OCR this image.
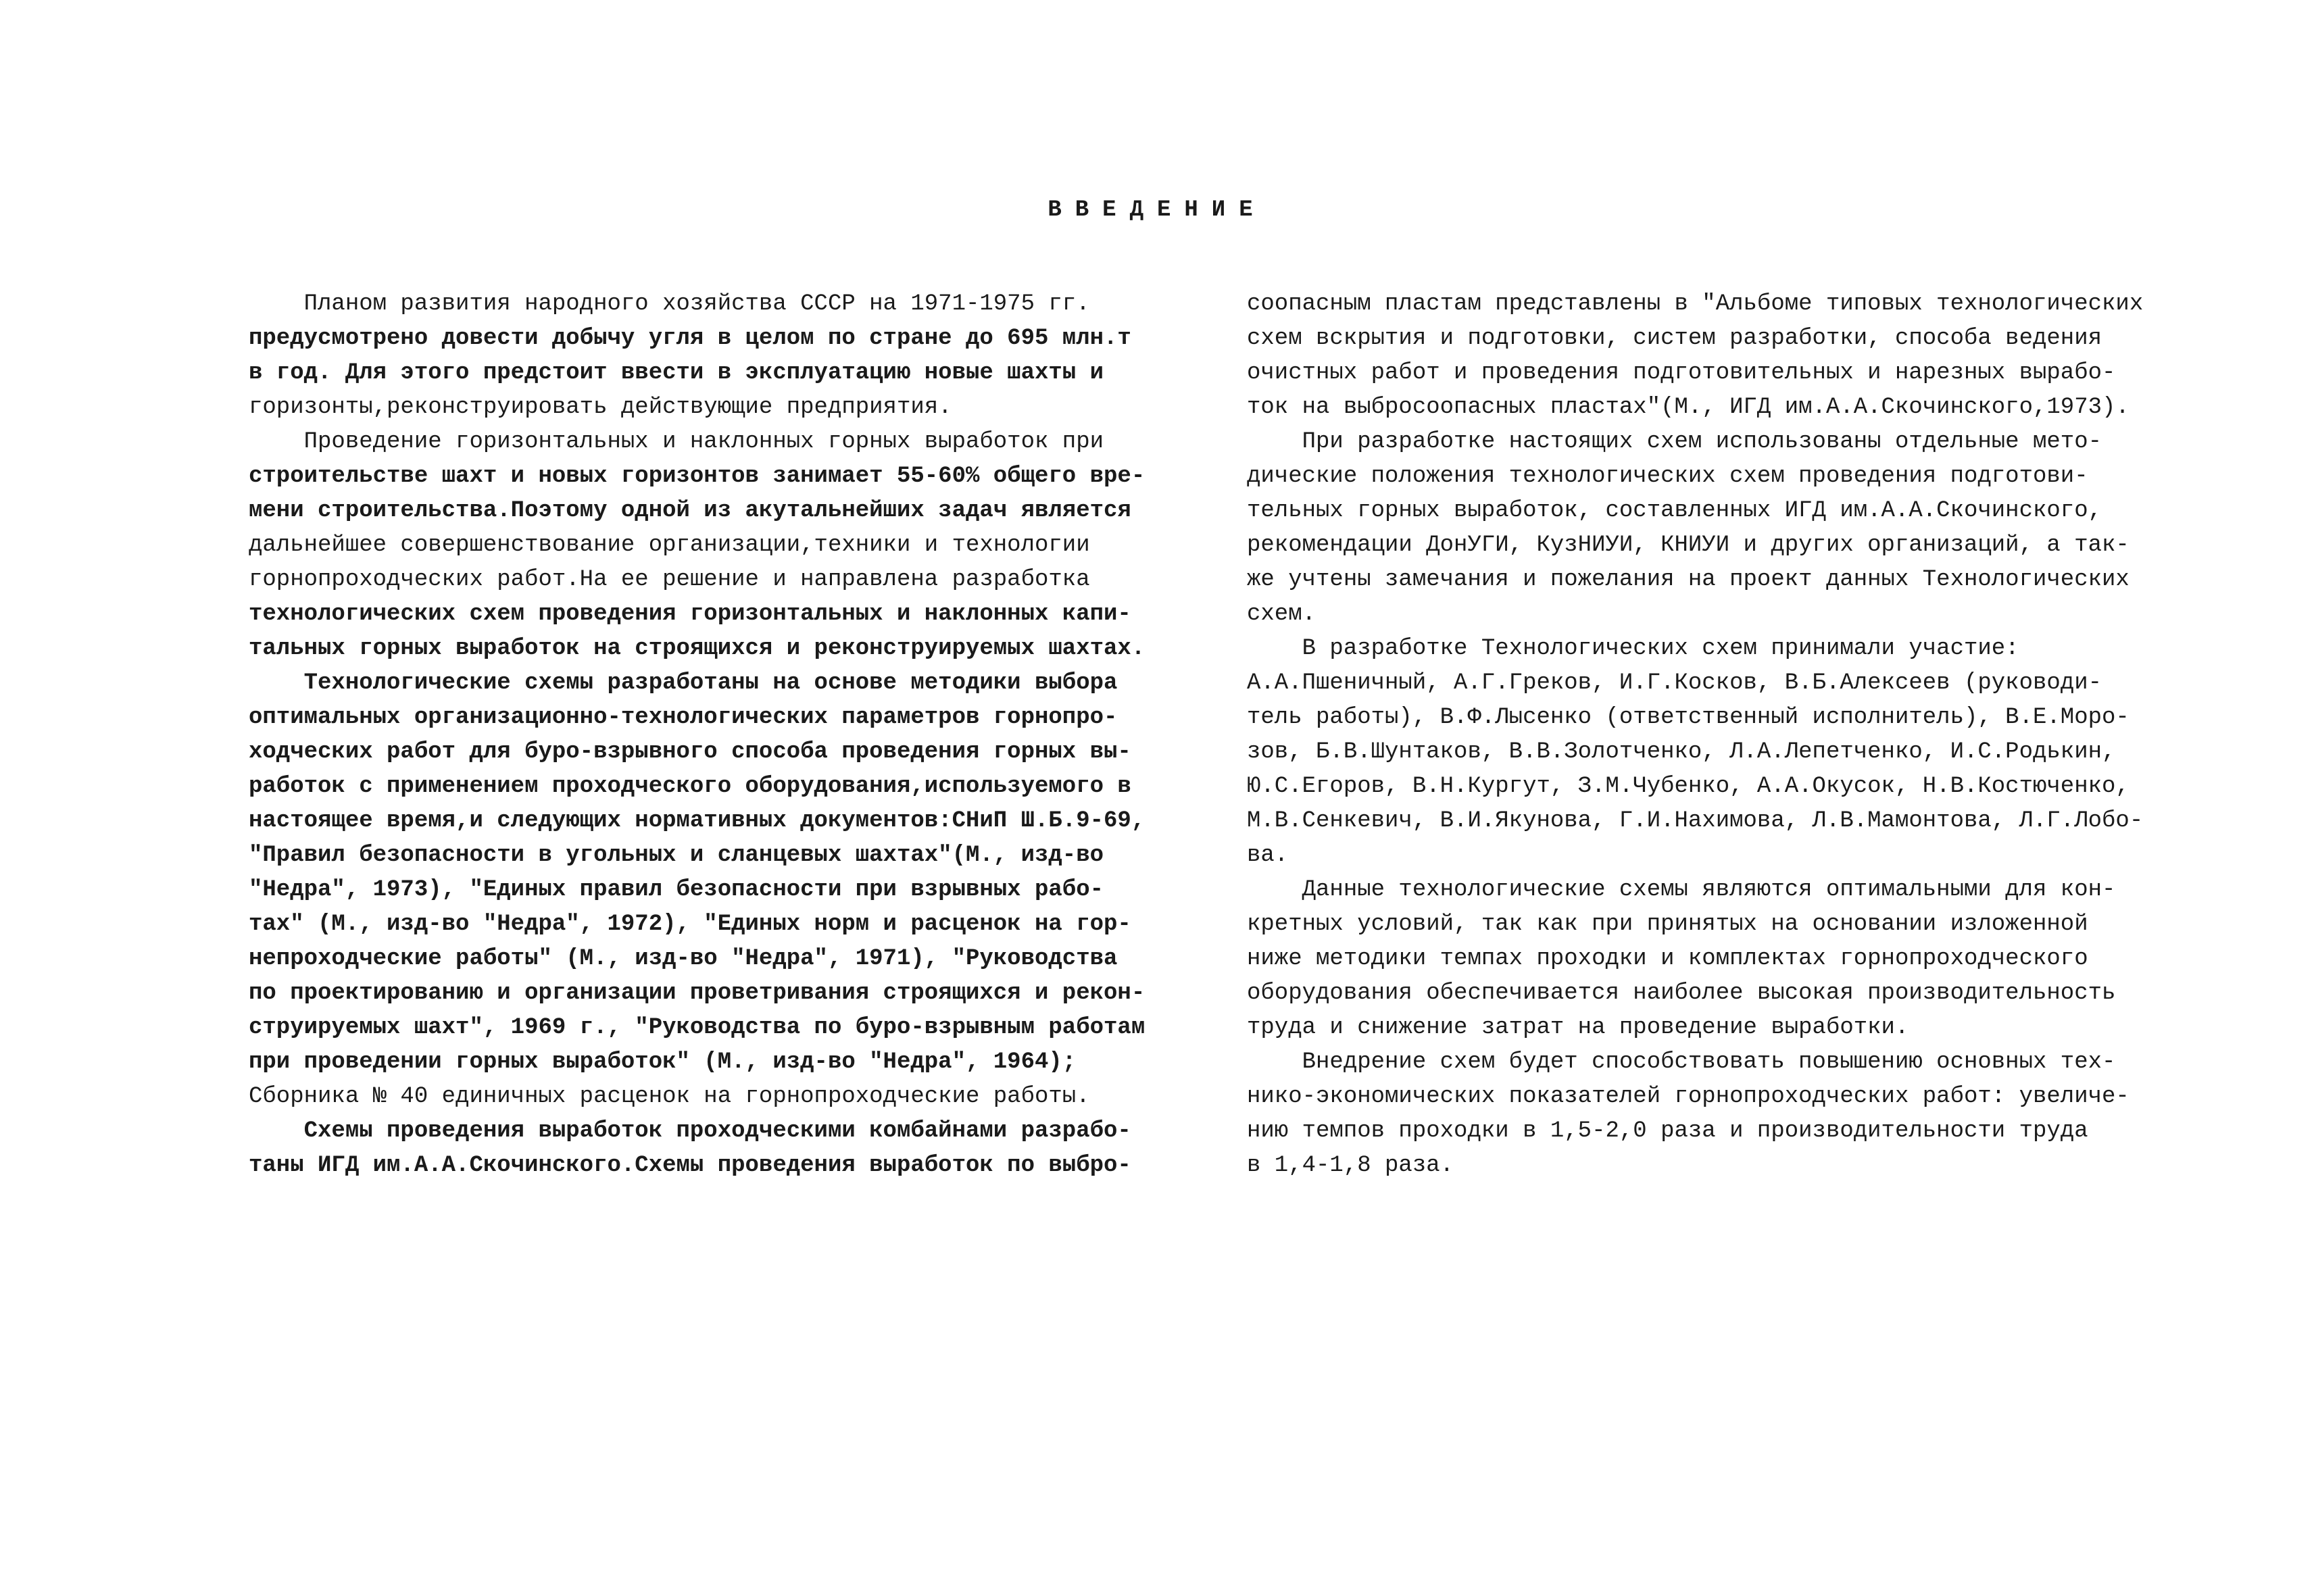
ВВЕДЕНИЕ
Планом развития народного хозяйства СССР на 1971-1975 гг.
предусмотрено довести добычу угля в целом по стране до 695 млн.т
в год. Для этого предстоит ввести в эксплуатацию новые шахты и
горизонты,реконструировать действующие предприятия.
Проведение горизонтальных и наклонных горных выработок при
строительстве шахт и новых горизонтов занимает 55-60% общего вре-
мени строительства.Поэтому одной из акутальнейших задач является
дальнейшее совершенствование организации,техники и технологии
горнопроходческих работ.На ее решение и направлена разработка
технологических схем проведения горизонтальных и наклонных капи-
тальных горных выработок на строящихся и реконструируемых шахтах.
Технологические схемы разработаны на основе методики выбора
оптимальных организационно-технологических параметров горнопро-
ходческих работ для буро-взрывного способа проведения горных вы-
работок с применением проходческого оборудования,используемого в
настоящее время,и следующих нормативных документов:СНиП Ш.Б.9-69,
"Правил безопасности в угольных и сланцевых шахтах"(М., изд-во
"Недра", 1973), "Единых правил безопасности при взрывных рабо-
тах" (М., изд-во "Недра", 1972), "Единых норм и расценок на гор-
непроходческие работы" (М., изд-во "Недра", 1971), "Руководства
по проектированию и организации проветривания строящихся и рекон-
струируемых шахт", 1969 г., "Руководства по буро-взрывным работам
при проведении горных выработок" (М., изд-во "Недра", 1964);
Сборника № 40 единичных расценок на горнопроходческие работы.
Схемы проведения выработок проходческими комбайнами разрабо-
таны ИГД им.А.А.Скочинского.Схемы проведения выработок по выбро-
соопасным пластам представлены в "Альбоме типовых технологических
схем вскрытия и подготовки, систем разработки, способа ведения
очистных работ и проведения подготовительных и нарезных вырабо-
ток на выбросоопасных пластах"(М., ИГД им.А.А.Скочинского,1973).
При разработке настоящих схем использованы отдельные мето-
дические положения технологических схем проведения подготови-
тельных горных выработок, составленных ИГД им.А.А.Скочинского,
рекомендации ДонУГИ, КузНИУИ, КНИУИ и других организаций, а так-
же учтены замечания и пожелания на проект данных Технологических
схем.
В разработке Технологических схем принимали участие:
А.А.Пшеничный, А.Г.Греков, И.Г.Косков, В.Б.Алексеев (руководи-
тель работы), В.Ф.Лысенко (ответственный исполнитель), В.Е.Моро-
зов, Б.В.Шунтаков, В.В.Золотченко, Л.А.Лепетченко, И.С.Родькин,
Ю.С.Егоров, В.Н.Кургут, З.М.Чубенко, А.А.Окусок, Н.В.Костюченко,
М.В.Сенкевич, В.И.Якунова, Г.И.Нахимова, Л.В.Мамонтова, Л.Г.Лобо-
ва.
Данные технологические схемы являются оптимальными для кон-
кретных условий, так как при принятых на основании изложенной
ниже методики темпах проходки и комплектах горнопроходческого
оборудования обеспечивается наиболее высокая производительность
труда и снижение затрат на проведение выработки.
Внедрение схем будет способствовать повышению основных тех-
нико-экономических показателей горнопроходческих работ: увеличе-
нию темпов проходки в 1,5-2,0 раза и производительности труда
в 1,4-1,8 раза.
